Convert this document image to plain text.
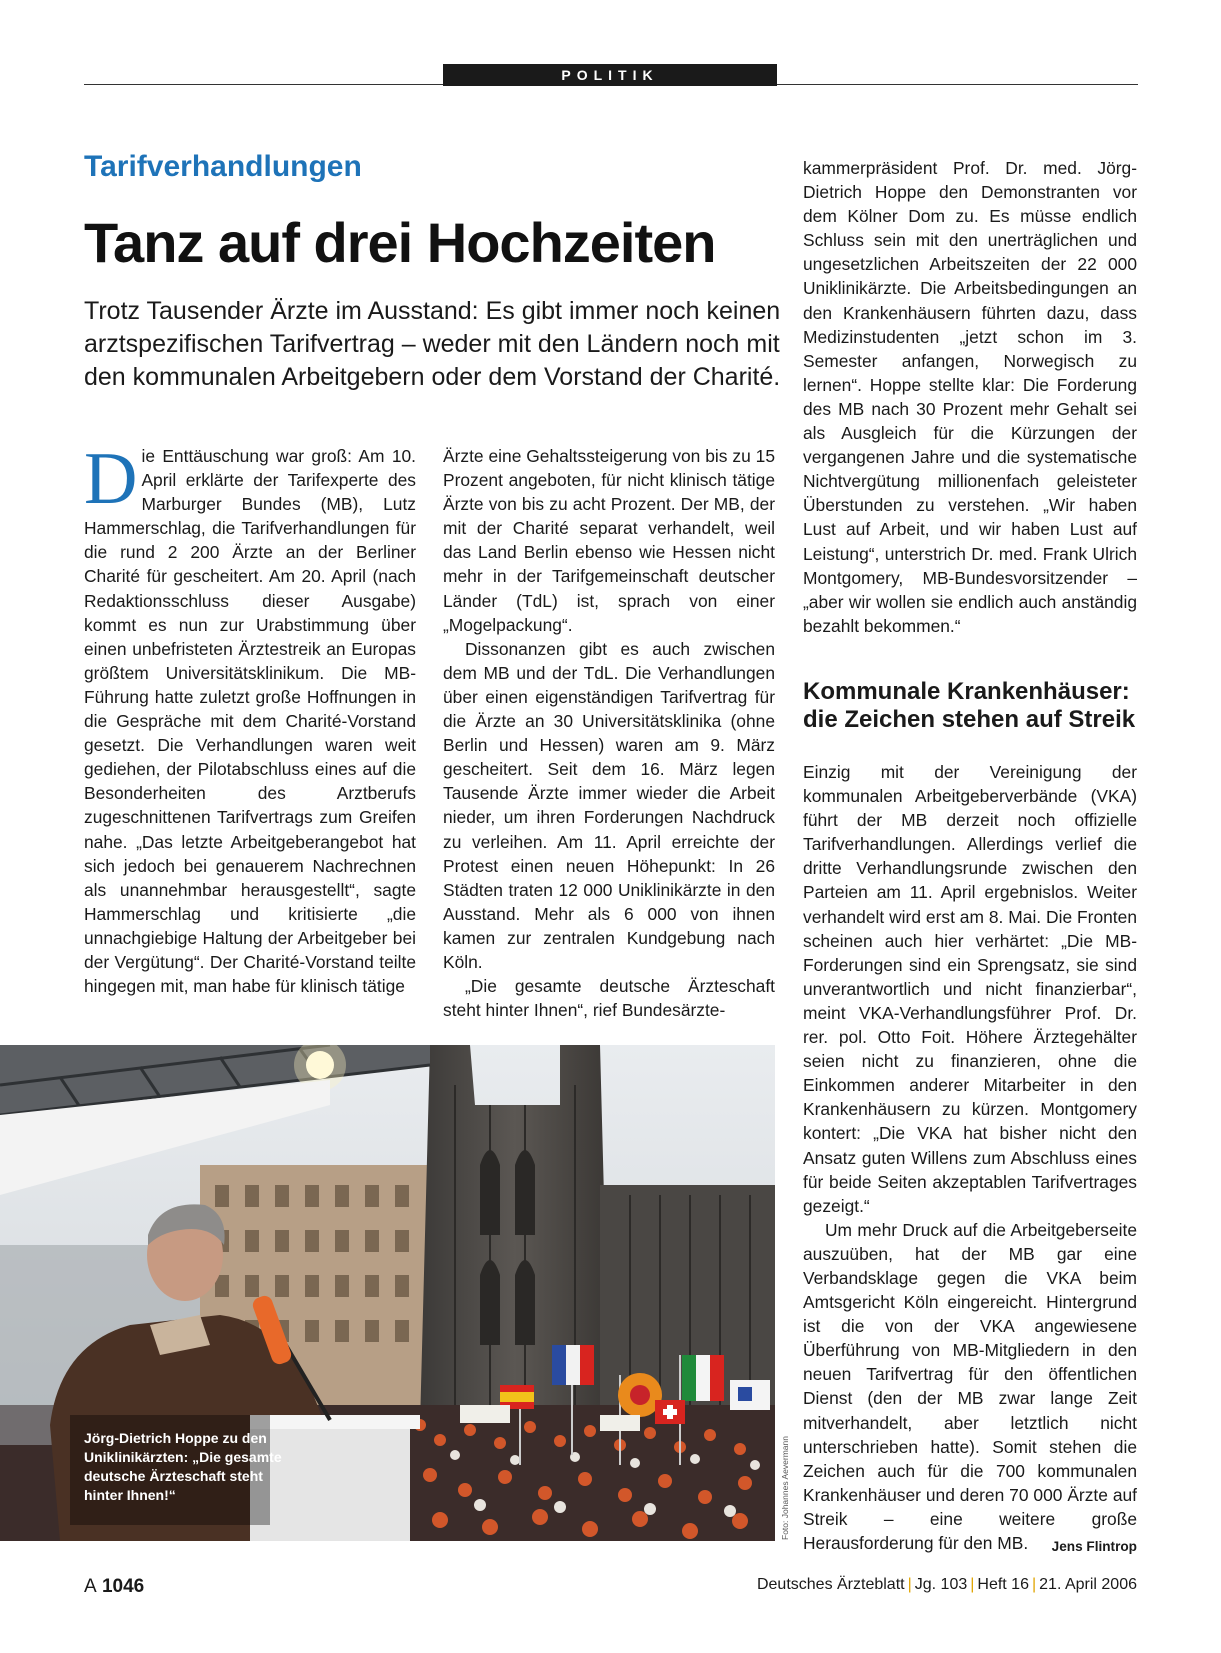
POLITIK
Tarifverhandlungen
Tanz auf drei Hochzeiten
Trotz Tausender Ärzte im Ausstand: Es gibt immer noch keinen arztspezifischen Tarifvertrag – weder mit den Ländern noch mit den kommunalen Arbeitgebern oder dem Vorstand der Charité.
D ie Enttäuschung war groß: Am 10. April erklärte der Tarifexperte des Marburger Bundes (MB), Lutz Hammerschlag, die Tarifverhandlungen für die rund 2 200 Ärzte an der Berliner Charité für gescheitert. Am 20. April (nach Redaktionsschluss dieser Ausgabe) kommt es nun zur Urabstimmung über einen unbefristeten Ärztestreik an Europas größtem Universitätsklinikum. Die MB-Führung hatte zuletzt große Hoffnungen in die Gespräche mit dem Charité-Vorstand gesetzt. Die Verhandlungen waren weit gediehen, der Pilotabschluss eines auf die Besonderheiten des Arztberufs zugeschnittenen Tarifvertrags zum Greifen nahe. „Das letzte Arbeitgeberangebot hat sich jedoch bei genauerem Nachrechnen als unannehmbar herausgestellt“, sagte Hammerschlag und kritisierte „die unnachgiebige Haltung der Arbeitgeber bei der Vergütung“. Der Charité-Vorstand teilte hingegen mit, man habe für klinisch tätige

Ärzte eine Gehaltssteigerung von bis zu 15 Prozent angeboten, für nicht klinisch tätige Ärzte von bis zu acht Prozent. Der MB, der mit der Charité separat verhandelt, weil das Land Berlin ebenso wie Hessen nicht mehr in der Tarifgemeinschaft deutscher Länder (TdL) ist, sprach von einer „Mogelpackung“.

Dissonanzen gibt es auch zwischen dem MB und der TdL. Die Verhandlungen über einen eigenständigen Tarifvertrag für die Ärzte an 30 Universitätsklinika (ohne Berlin und Hessen) waren am 9. März gescheitert. Seit dem 16. März legen Tausende Ärzte immer wieder die Arbeit nieder, um ihren Forderungen Nachdruck zu verleihen. Am 11. April erreichte der Protest einen neuen Höhepunkt: In 26 Städten traten 12 000 Uniklinikärzte in den Ausstand. Mehr als 6 000 von ihnen kamen zur zentralen Kundgebung nach Köln.

„Die gesamte deutsche Ärzteschaft steht hinter Ihnen“, rief Bundesärzte-

kammerpräsident Prof. Dr. med. Jörg-Dietrich Hoppe den Demonstranten vor dem Kölner Dom zu. Es müsse endlich Schluss sein mit den unerträglichen und ungesetzlichen Arbeitszeiten der 22 000 Uniklinikärzte. Die Arbeitsbedingungen an den Krankenhäusern führten dazu, dass Medizinstudenten „jetzt schon im 3. Semester anfangen, Norwegisch zu lernen“. Hoppe stellte klar: Die Forderung des MB nach 30 Prozent mehr Gehalt sei als Ausgleich für die Kürzungen der vergangenen Jahre und die systematische Nichtvergütung millionenfach geleisteter Überstunden zu verstehen. „Wir haben Lust auf Arbeit, und wir haben Lust auf Leistung“, unterstrich Dr. med. Frank Ulrich Montgomery, MB-Bundesvorsitzender – „aber wir wollen sie endlich auch anständig bezahlt bekommen.“

Kommunale Krankenhäuser: die Zeichen stehen auf Streik

Einzig mit der Vereinigung der kommunalen Arbeitgeberverbände (VKA) führt der MB derzeit noch offizielle Tarifverhandlungen. Allerdings verlief die dritte Verhandlungsrunde zwischen den Parteien am 11. April ergebnislos. Weiter verhandelt wird erst am 8. Mai. Die Fronten scheinen auch hier verhärtet: „Die MB-Forderungen sind ein Sprengsatz, sie sind unverantwortlich und nicht finanzierbar“, meint VKA-Verhandlungsführer Prof. Dr. rer. pol. Otto Foit. Höhere Ärztegehälter seien nicht zu finanzieren, ohne die Einkommen anderer Mitarbeiter in den Krankenhäusern zu kürzen. Montgomery kontert: „Die VKA hat bisher nicht den Ansatz guten Willens zum Abschluss eines für beide Seiten akzeptablen Tarifvertrages gezeigt.“

Um mehr Druck auf die Arbeitgeberseite auszuüben, hat der MB gar eine Verbandsklage gegen die VKA beim Amtsgericht Köln eingereicht. Hintergrund ist die von der VKA angewiesene Überführung von MB-Mitgliedern in den neuen Tarifvertrag für den öffentlichen Dienst (den der MB zwar lange Zeit mitverhandelt, aber letztlich nicht unterschrieben hatte). Somit stehen die Zeichen auch für die 700 kommunalen Krankenhäuser und deren 70 000 Ärzte auf Streik – eine weitere große Herausforderung für den MB.	Jens Flintrop

Jörg-Dietrich Hoppe zu den Uniklinikärzten: „Die gesamte deutsche Ärzteschaft steht hinter Ihnen!“	Foto: Johannes Aevermann
A 1046	Deutsches Ärzteblatt | Jg. 103 | Heft 16 | 21. April 2006
